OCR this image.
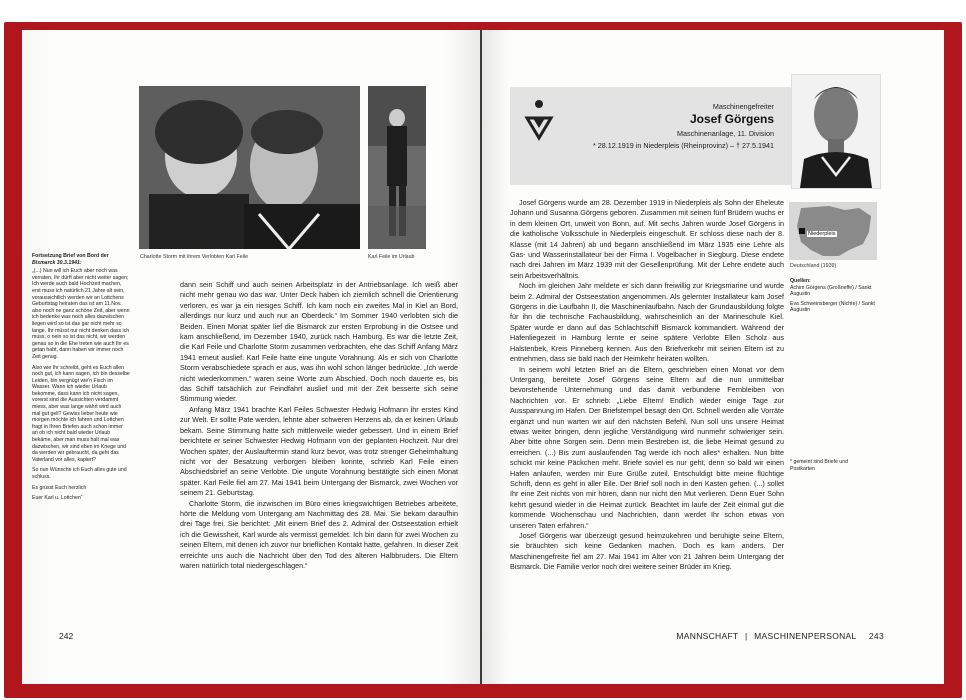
Charlotte Storm mit ihrem Verlobten Karl Feile	Karl Feile im Urlaub
Fortsetzung Brief von Bord der
Bismarck 30.3.1941:
„(...) Nun will ich Euch aber noch was verraten, Ihr dürft aber nicht weiter sagen; Ich werde auch bald Hochzeit machen, erst muss ich natürlich 21 Jahre alt sein, voraussichtlich werden wir an Lottchens Geburtstag heiraten das ist am 11.Nov. also noch ne ganz schöne Zeit, aber wenn ich bedenke was noch alles dazwischen liegen wird so ist das gar nicht mehr so lange. Ihr müsst nur nicht denken dass ich muss, o nein so ist das nicht, wir werden genau so in die Ehe treten wie auch Ihr es getan habt, dann haben wir immer noch Zeit genug.
Also wie Ihr schreibt, geht es Euch allen noch gut, ich kann sagen, ich bin desselbe Leiden, bin vergnügt wie'n Fisch im Wasser. Wann ich wieder Urlaub bekomme, dass kann ich nicht sagen, vorerst sind die Aussichten verdammt miess, aber was lange währt wird auch mal gut gell? Gewiss lieber heute wie morgen möchte ich fahren und Lottchen fragt in Ihren Briefen auch schon immer an ob ich nicht bald wieder Urlaub bekäme, aber man muss halt mal was dazwischen, wir sind eben im Kriege und da werden wir gebraucht, da geht das Vaterland vor alles, kapiert?
So nun Wünsche ich Euch alles gute und schluss.
Es grüsst Euch herzlich
Euer Karl u. Lottchen“

dann sein Schiff und auch seinen Arbeitsplatz in der Antriebsanlage. Ich weiß aber nicht mehr genau wo das war. Unter Deck haben ich ziemlich schnell die Orientierung verloren, es war ja ein riesiges Schiff. Ich kam noch ein zweites Mal in Kiel an Bord, allerdings nur kurz und auch nur an Oberdeck.“ Im Sommer 1940 verlobten sich die Beiden. Einen Monat später lief die Bismarck zur ersten Erprobung in die Ostsee und kam anschließend, im Dezember 1940, zurück nach Hamburg. Es war die letzte Zeit, die Karl Feile und Charlotte Storm zusammen verbrachten, ehe das Schiff Anfang März 1941 erneut auslief. Karl Feile hatte eine ungute Vorahnung. Als er sich von Charlotte Storm verabschiedete sprach er aus, was ihn wohl schon länger bedrückte. „Ich werde nicht wiederkommen.“ waren seine Worte zum Abschied. Doch noch dauerte es, bis das Schiff tatsächlich zur Feindfahrt auslief und mit der Zeit besserte sich seine Stimmung wieder.

Anfang März 1941 brachte Karl Feiles Schwester Hedwig Hofmann ihr erstes Kind zur Welt. Er sollte Pate werden, lehnte aber schweren Herzens ab, da er keinen Urlaub bekam. Seine Stimmung hatte sich mittlerweile wieder gebessert. Und in einem Brief berichtete er seiner Schwester Hedwig Hofmann von der geplanten Hochzeit. Nur drei Wochen später, der Auslauftermin stand kurz bevor, was trotz strenger Geheimhaltung nicht vor der Besatzung verborgen bleiben konnte, schrieb Karl Feile einen Abschiedsbrief an seine Verlobte. Die ungute Vorahnung bestätigte sich einen Monat später. Karl Feile fiel am 27. Mai 1941 beim Untergang der Bismarck, zwei Wochen vor seinem 21. Geburtstag.

Charlotte Storm, die inzwischen im Büro eines kriegswichtigen Betriebes arbeitete, hörte die Meldung vom Untergang am Nachmittag des 28. Mai. Sie bekam daraufhin drei Tage frei. Sie berichtet: „Mit einem Brief des 2. Admiral der Ostseestation erhielt ich die Gewissheit, Karl wurde als vermisst gemeldet. Ich bin dann für zwei Wochen zu seinen Eltern, mit denen ich zuvor nur brieflichen Kontakt hatte, gefahren. In dieser Zeit erreichte uns auch die Nachricht über den Tod des älteren Halbbruders. Die Eltern waren natürlich total niedergeschlagen.“

242
Maschinengefreiter
Josef Görgens
Maschinenanlage, 11. Division
* 28.12.1919 in Niederpleis (Rheinprovinz) – † 27.5.1941
Niederpleis
Deutschland (1939)
Quellen:
Achim Görgens (Großneffe) / Sankt Augustin
Eva Schweinsberger (Nichte) / Sankt Augustin
* gemeint sind Briefe und Postkarten

Josef Görgens wurde am 28. Dezember 1919 in Niederpleis als Sohn der Eheleute Johann und Susanna Görgens geboren. Zusammen mit seinen fünf Brüdern wuchs er in dem kleinen Ort, unweit von Bonn, auf. Mit sechs Jahren wurde Josef Görgens in die katholische Volksschule in Niederpleis eingeschult. Er schloss diese nach der 8. Klasse (mit 14 Jahren) ab und begann anschließend im März 1935 eine Lehre als Gas- und Wasserinstallateur bei der Firma I. Vogelbacher in Siegburg. Diese endete nach drei Jahren im März 1939 mit der Gesellenprüfung. Mit der Lehre endete auch sein Arbeitsverhältnis.

Noch im gleichen Jahr meldete er sich dann freiwillig zur Kriegsmarine und wurde beim 2. Admiral der Ostseestation angenommen. Als gelernter Installateur kam Josef Görgens in die Laufbahn II, die Maschinenlaufbahn. Nach der Grundausbildung folgte für ihn die technische Fachausbildung, wahrscheinlich an der Marineschule Kiel. Später wurde er dann auf das Schlachtschiff Bismarck kommandiert. Während der Hafenliegezeit in Hamburg lernte er seine spätere Verlobte Ellen Scholz aus Halstenbek, Kreis Pinneberg kennen. Aus den Briefverkehr mit seinen Eltern ist zu entnehmen, dass sie bald nach der Heimkehr heiraten wollten.

In seinem wohl letzten Brief an die Eltern, geschrieben einen Monat vor dem Untergang, bereitete Josef Görgens seine Eltern auf die nun unmittelbar bevorstehende Unternehmung und das damit verbundene Fernbleiben von Nachrichten vor. Er schrieb: „Liebe Eltern! Endlich wieder einige Tage zur Ausspannung im Hafen. Der Briefstempel besagt den Ort. Schnell werden alle Vorräte ergänzt und nun warten wir auf den nächsten Befehl. Nun soll uns unsere Heimat etwas weiter bringen, denn jegliche Verständigung wird nunmehr schwieriger sein. Aber bitte ohne Sorgen sein. Denn mein Bestreben ist, die liebe Heimat gesund zu erreichen. (...) Bis zum auslaufenden Tag werde ich noch alles* erhalten. Nun bitte schickt mir keine Päckchen mehr. Briefe soviel es nur geht, denn so bald wir einen Hafen anlaufen, werden mir Eure Grüße zuteil. Entschuldigt bitte meine flüchtige Schrift, denn es geht in aller Eile. Der Brief soll noch in den Kasten gehen. (...) sollet Ihr eine Zeit nichts von mir hören, dann nur nicht den Mut verlieren. Denn Euer Sohn kehrt gesund wieder in die Heimat zurück. Beachtet im laufe der Zeit einmal gut die kommende Wochenschau und Nachrichten, dann werdet Ihr schon etwas von unseren Taten erfahren.“

Josef Görgens war überzeugt gesund heimzukehren und beruhigte seine Eltern, sie bräuchten sich keine Gedanken machen. Doch es kam anders. Der Maschinengefreite fiel am 27. Mai 1941 im Alter von 21 Jahren beim Untergang der Bismarck. Die Familie verlor noch drei weitere seiner Brüder im Krieg.

MANNSCHAFT | MASCHINENPERSONAL 243
